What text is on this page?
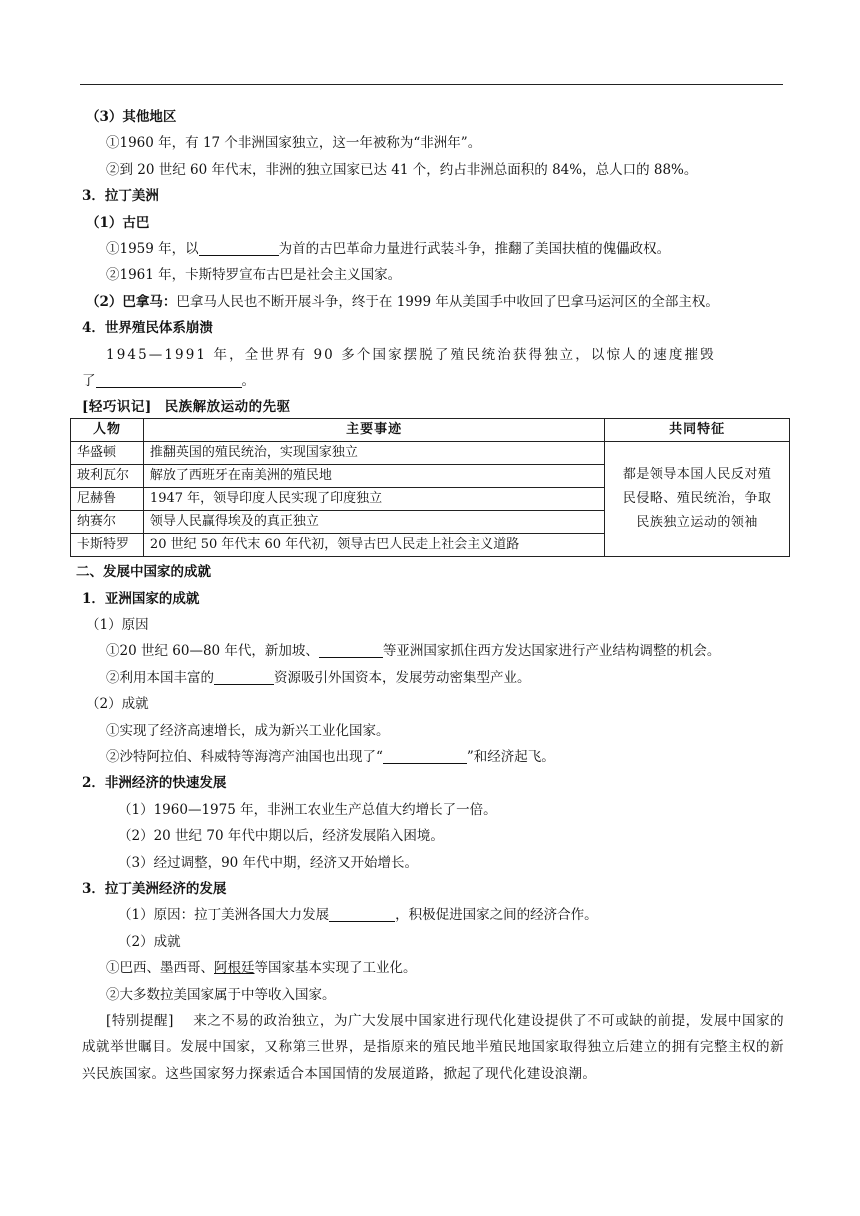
（3）其他地区
①1960 年，有 17 个非洲国家独立，这一年被称为“非洲年”。
②到 20 世纪 60 年代末，非洲的独立国家已达 41 个，约占非洲总面积的 84%，总人口的 88%。
3．拉丁美洲
（1）古巴
①1959 年，以	为首的古巴革命力量进行武装斗争，推翻了美国扶植的傀儡政权。
②1961 年，卡斯特罗宣布古巴是社会主义国家。
（2）巴拿马：巴拿马人民也不断开展斗争，终于在 1999 年从美国手中收回了巴拿马运河区的全部主权。
4．世界殖民体系崩溃
1945—1991 年，全世界有 90 多个国家摆脱了殖民统治获得独立，以惊人的速度摧毁
了	。
[轻巧识记] 民族解放运动的先驱
人物	主要事迹	共同特征
华盛顿	推翻英国的殖民统治，实现国家独立	都是领导本国人民反对殖
民侵略、殖民统治，争取
民族独立运动的领袖

玻利瓦尔	解放了西班牙在南美洲的殖民地	
尼赫鲁	1947 年，领导印度人民实现了印度独立	
纳赛尔	领导人民赢得埃及的真正独立	
卡斯特罗	20 世纪 50 年代末 60 年代初，领导古巴人民走上社会主义道路	
二、发展中国家的成就
1．亚洲国家的成就
（1）原因
①20 世纪 60—80 年代，新加坡、	等亚洲国家抓住西方发达国家进行产业结构调整的机会。
②利用本国丰富的	资源吸引外国资本，发展劳动密集型产业。
（2）成就
①实现了经济高速增长，成为新兴工业化国家。
②沙特阿拉伯、科威特等海湾产油国也出现了“	”和经济起飞。
2．非洲经济的快速发展
（1）1960—1975 年，非洲工农业生产总值大约增长了一倍。
（2）20 世纪 70 年代中期以后，经济发展陷入困境。
（3）经过调整，90 年代中期，经济又开始增长。
3．拉丁美洲经济的发展
（1）原因：拉丁美洲各国大力发展	，积极促进国家之间的经济合作。
（2）成就
①巴西、墨西哥、阿根廷等国家基本实现了工业化。
②大多数拉美国家属于中等收入国家。
[特别提醒] 来之不易的政治独立，为广大发展中国家进行现代化建设提供了不可或缺的前提，发展中国家的成就举世瞩目。发展中国家，又称第三世界，是指原来的殖民地半殖民地国家取得独立后建立的拥有完整主权的新兴民族国家。这些国家努力探索适合本国国情的发展道路，掀起了现代化建设浪潮。
